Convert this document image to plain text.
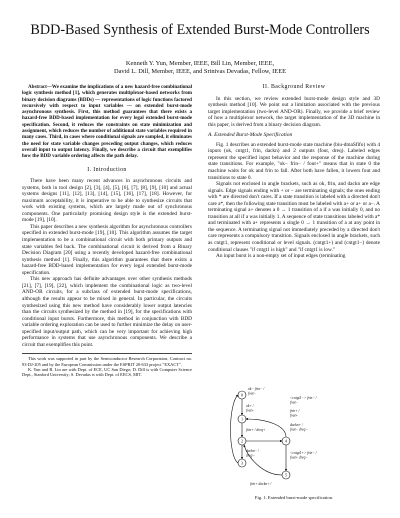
BDD-Based Synthesis of Extended Burst-Mode Controllers

Kenneth Y. Yun, Member, IEEE, Bill Lin, Member, IEEE,

David L. Dill, Member, IEEE, and Srinivas Devadas, Fellow, IEEE

Abstract—We examine the implications of a new hazard-free combinational logic synthesis method [1], which generates multiplexor-based networks from binary decision diagrams (BDDs) — representations of logic functions factored recursively with respect to input variables — on extended burst-mode asynchronous synthesis. First, this method guarantees that there exists a hazard-free BDD-based implementation for every legal extended burst-mode specification. Second, it reduces the constraints on state minimization and assignment, which reduces the number of additional state variables required in many cases. Third, in cases where conditional signals are sampled, it eliminates the need for state variable changes preceding output changes, which reduces overall input to output latency. Finally, we describe a circuit that exemplifies how the BDD variable ordering affects the path delay.

I. Introduction

There have been many recent advances in asynchronous circuits and systems, both in tool design [2], [3], [4], [5], [6], [7], [8], [9], [10] and actual systems designs [11], [12], [13], [14], [15], [16], [17], [18]. However, for maximum acceptability, it is imperative to be able to synthesize circuits that work with existing systems, which are largely made out of synchronous components. One particularly promising design style is the extended burst-mode [19], [10].

This paper describes a new synthesis algorithm for asynchronous controllers specified in extended burst-mode [19], [10]. This algorithm assumes the target implementation to be a combinational circuit with both primary outputs and state variables fed back. The combinational circuit is derived from a Binary Decision Diagram [20] using a recently developed hazard-free combinational synthesis method [1]. Finally, this algorithm guarantees that there exists a hazard-free BDD-based implementation for every legal extended burst-mode specification.

This new approach has definite advantages over other synthesis methods [21], [7], [19], [22], which implement the combinational logic as two-level AND-OR circuits, for a subclass of extended burst-mode specifications, although the results appear to be mixed in general. In particular, the circuits synthesized using this new method have considerably lower output latencies than the circuits synthesized by the method in [19], for the specifications with conditional input bursts. Furthermore, this method in conjunction with BDD variable ordering exploration can be used to further minimize the delay on user-specified input/output path, which can be very important for achieving high performance in systems that use asynchronous components. We describe a circuit that exemplifies this point.

This work was supported in part by the Semiconductor Research Corporation, Contract no. 93-DJ-205 and by the European Commission under the ESPRIT 20-633 project "EXACT".

K. Yun and B. Lin are with Dept. of ECE, UC San Diego; D. Dill is with Computer Science Dept., Stanford University; S. Devadas is with Dept. of EECS, MIT.

II. Background Review

In this section, we review extended burst-mode design style and 3D synthesis method [10]. We point out a limitation associated with the previous target implementation (two-level AND-OR). Finally, we provide a brief review of how a multiplexor network, the target implementation of the 3D machine in this paper, is derived from a binary decision diagram.

A. Extended Burst-Mode Specification

Fig. 1 describes an extended burst-mode state machine (biu-dmaSfifo) with 4 inputs (ok, cntgt1, frin, dackn) and 2 outputs (fout, dreq). Labeled edges represent the specified input behavior and the response of the machine during state transitions. For example, "ok− frin− / fout+" means that in state 0 the machine waits for ok and frin to fall. After both have fallen, it lowers fout and transitions to state 0.

Signals not enclosed in angle brackets, such as ok, frin, and dackn are edge signals. Edge signals ending with + or − are terminating signals; the ones ending with * are directed don't cares. If a state transition is labeled with a directed don't care a*, then the following state transition must be labeled with a+ or a+ or a−. A terminating signal a+ denotes a 0 → 1 transition of a if a was initially 0, and no transition at all if a was initially 1. A sequence of state transitions labeled with a* and terminated with a+ represents a single 0 → 1 transition of a at any point in the sequence. A terminating signal not immediately preceded by a directed don't care represents a compulsory transition. Signals enclosed in angle brackets, such as cntgt1, represent conditional or level signals. (cntgt1+) and (cntgt1−) denote conditional clauses "if cntgt1 is high" and "if cntgt1 is low."

An input burst is a non-empty set of input edges (terminating

0
1
2
3
4
5
ok− frin− /
fout−
ok+ /
fout+
frin+ / dreq+
dackn− /
dreq−
<cntgt1−> frin− /
fout−
frin+ /
fout+
dackn+ /
fout− dreq−
<cntgt1+> frin− /
fout+ dreq−
frin+ dackn+ /

Fig. 1. Extended burst-mode specification.
